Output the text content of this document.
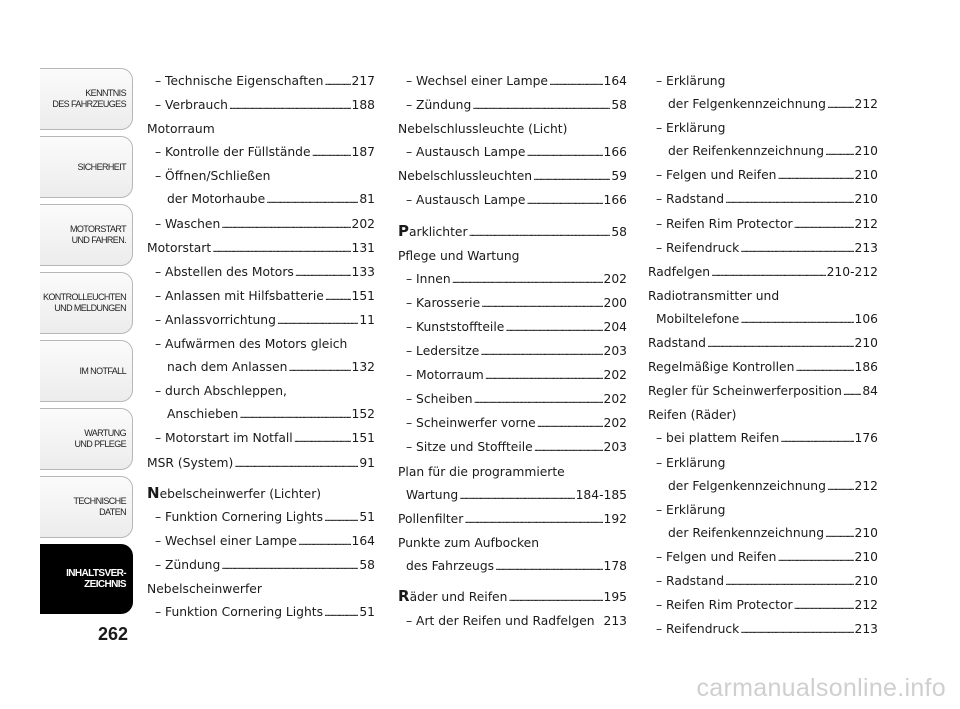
KENNTNIS
DES FAHRZEUGES
SICHERHEIT
MOTORSTART
UND FAHREN.
KONTROLLEUCHTEN
UND MELDUNGEN
IM NOTFALL
WARTUNG
UND PFLEGE
TECHNISCHE
DATEN
INHALTSVER-
ZEICHNIS
262
– Technische Eigenschaften . . . 217
– Verbrauch . . .	188
Motorraum
– Kontrolle der Füllstände . . .	187
– Öffnen/Schließen
der Motorhaube . . .	81
– Waschen . . .	202
Motorstart . . .	131
– Abstellen des Motors . . .	133
– Anlassen mit Hilfsbatterie . . . 151
– Anlassvorrichtung . . .	11
– Aufwärmen des Motors gleich
nach dem Anlassen . . .	132
– durch Abschleppen,
Anschieben . . .	152
– Motorstart im Notfall . . .	151
MSR (System) . . .	91
Nebelscheinwerfer (Lichter)
– Funktion Cornering Lights . . .	51
– Wechsel einer Lampe . . .	164
– Zündung . . .	58
Nebelscheinwerfer
– Funktion Cornering Lights . . .	51
– Wechsel einer Lampe . . .	164
– Zündung . . .	58
Nebelschlussleuchte (Licht)
– Austausch Lampe . . .	166
Nebelschlussleuchten . . .	59
– Austausch Lampe . . .	166
Parklichter . . .	58
Pflege und Wartung
– Innen . . .	202
– Karosserie . . .	200
– Kunststoffteile . . .	204
– Ledersitze . . .	203
– Motorraum . . .	202
– Scheiben . . .	202
– Scheinwerfer vorne . . .	202
– Sitze und Stoffteile . . .	203
Plan für die programmierte
Wartung . . .	184-185
Pollenfilter . . .	192
Punkte zum Aufbocken
des Fahrzeugs . . .	178
Räder und Reifen . . .	195
– Art der Reifen und Radfelgen 213
– Erklärung
der Felgenkennzeichnung . . . 212
– Erklärung
der Reifenkennzeichnung . . . 210
– Felgen und Reifen . . .	210
– Radstand . . .	210
– Reifen Rim Protector . . .	212
– Reifendruck . . .	213
Radfelgen . . .	210-212
Radiotransmitter und
Mobiltelefone . . .	106
Radstand . . .	210
Regelmäßige Kontrollen . . .	186
Regler für Scheinwerferposition . . . 84
Reifen (Räder)
– bei plattem Reifen . . .	176
– Erklärung
der Felgenkennzeichnung . . . 212
– Erklärung
der Reifenkennzeichnung . . . 210
– Felgen und Reifen . . .	210
– Radstand . . .	210
– Reifen Rim Protector . . .	212
– Reifendruck . . .	213
carmanualsonline.info
